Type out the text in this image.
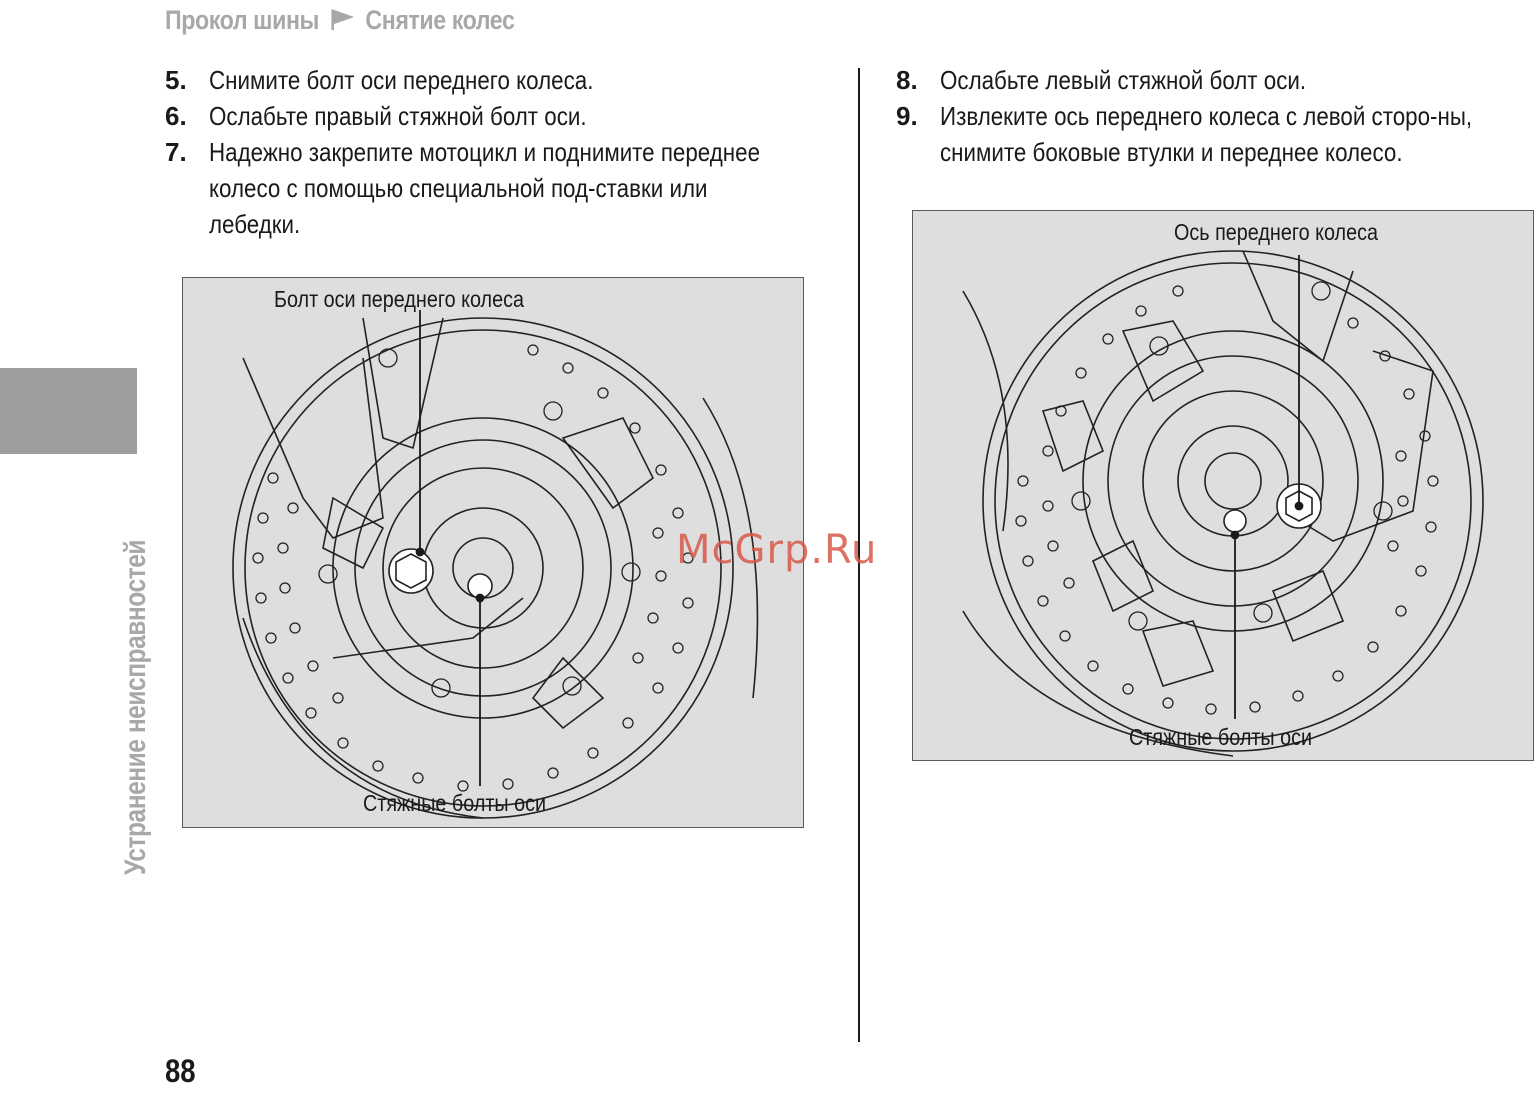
Прокол шины Снятие колес
Устранение неисправностей
5. Снимите болт оси переднего колеса.
6. Ослабьте правый стяжной болт оси.
7. Надежно закрепите мотоцикл и поднимите переднее колесо с помощью специальной под-ставки или лебедки.
Болт оси переднего колеса
Стяжные болты оси
8. Ослабьте левый стяжной болт оси.
9. Извлеките ось переднего колеса с левой сторо-ны, снимите боковые втулки и переднее колесо.
Ось переднего колеса
Стяжные болты оси
McGrp.Ru
88
